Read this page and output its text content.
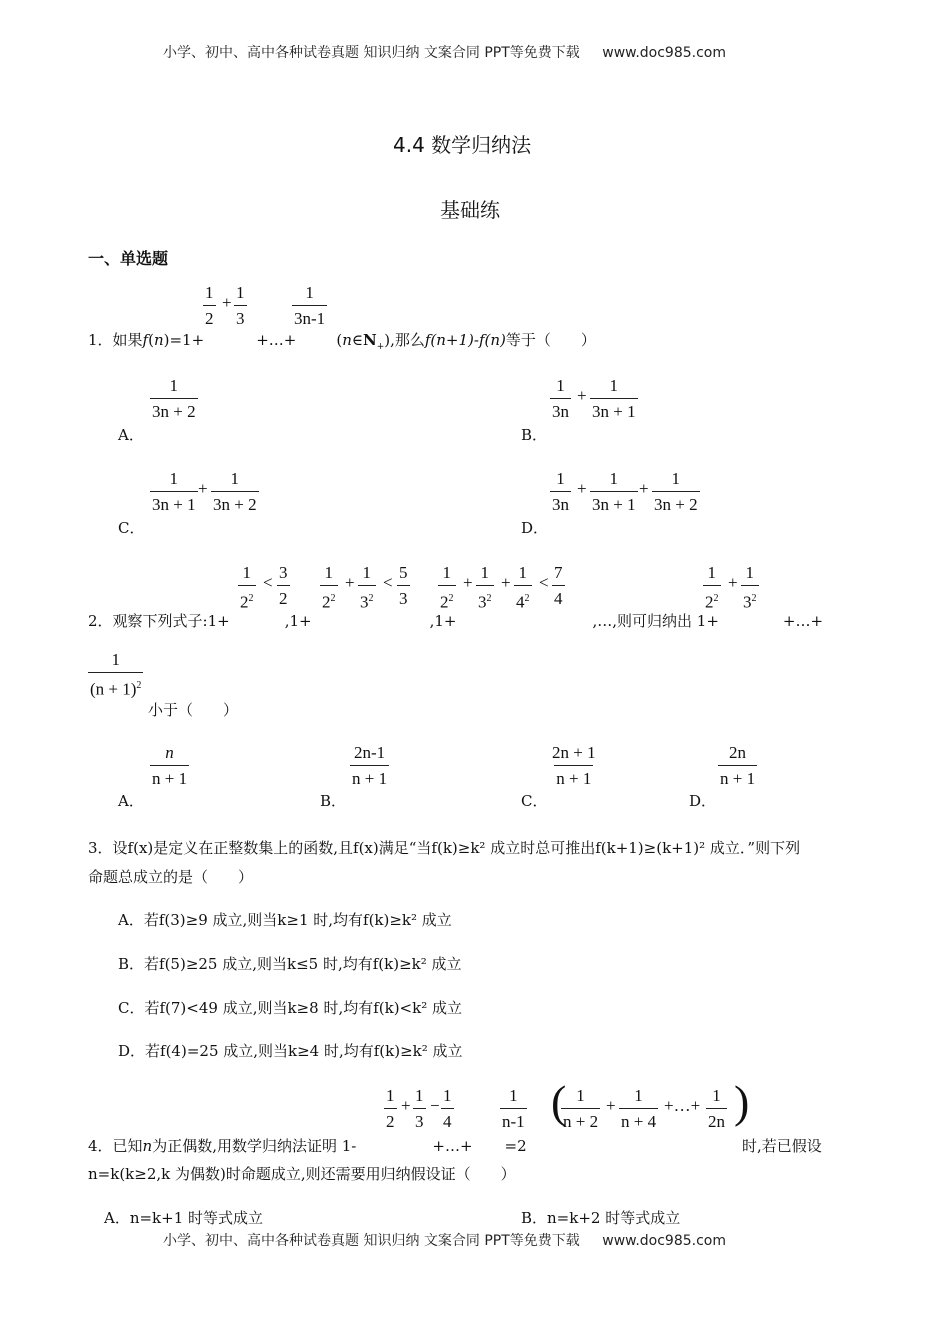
小学、初中、高中各种试卷真题 知识归纳 文案合同 PPT等免费下载 www.doc985.com
小学、初中、高中各种试卷真题 知识归纳 文案合同 PPT等免费下载 www.doc985.com
4.4 数学归纳法
基础练
一、单选题
$\frac{1}{2} + \frac{1}{3}$	$\frac{1}{3n-1}$
1．如果f(n)=1+	+…+	$(n\in N_+)$,那么f(n+1)-f(n)等于（　　）
$\frac{1}{3n + 2}$
A．
$\frac{1}{3n} + \frac{1}{3n + 1}$
B．
$\frac{1}{3n + 1} + \frac{1}{3n + 2}$
C．
$\frac{1}{3n} + \frac{1}{3n + 1} + \frac{1}{3n + 2}$
D．
$\frac{1}{2^2} < \frac{3}{2} \frac{1}{2^2} + \frac{1}{3^2} < \frac{5}{3} \frac{1}{2^2} + \frac{1}{3^2} + \frac{1}{4^2} < \frac{7}{4}$	$\frac{1}{2^2} + \frac{1}{3^2}$
2．观察下列式子:1+	,1+	,1+	,…,则可归纳出 1+	+…+
$\frac{1}{(n + 1)^2}$
小于（　　）
$\frac{n}{n + 1}$
A．
$\frac{2n-1}{n + 1}$
B．
$\frac{2n + 1}{n + 1}$
C．
$\frac{2n}{n + 1}$
D．
3．设f(x)是定义在正整数集上的函数,且f(x)满足“当f(k)≥k² 成立时总可推出f(k+1)≥(k+1)² 成立．”则下列
命题总成立的是（　　）
A．若f(3)≥9 成立,则当k≥1 时,均有f(k)≥k² 成立
B．若f(5)≥25 成立,则当k≤5 时,均有f(k)≥k² 成立
C．若f(7)<49 成立,则当k≥8 时,均有f(k)<k² 成立
D．若f(4)=25 成立,则当k≥4 时,均有f(k)≥k² 成立
$\frac{1}{2} + \frac{1}{3} - \frac{1}{4}$	$\frac{1}{n-1}$ (
$\frac{1}{n + 2} + \frac{1}{n + 4}$ +…+ $\frac{1}{2n}$ )
4．已知n为正偶数,用数学归纳法证明 1-	+…+ =2	时,若已假设
n=k(k≥2,k 为偶数)时命题成立,则还需要用归纳假设证（　　）
A．n=k+1 时等式成立	B．n=k+2 时等式成立
